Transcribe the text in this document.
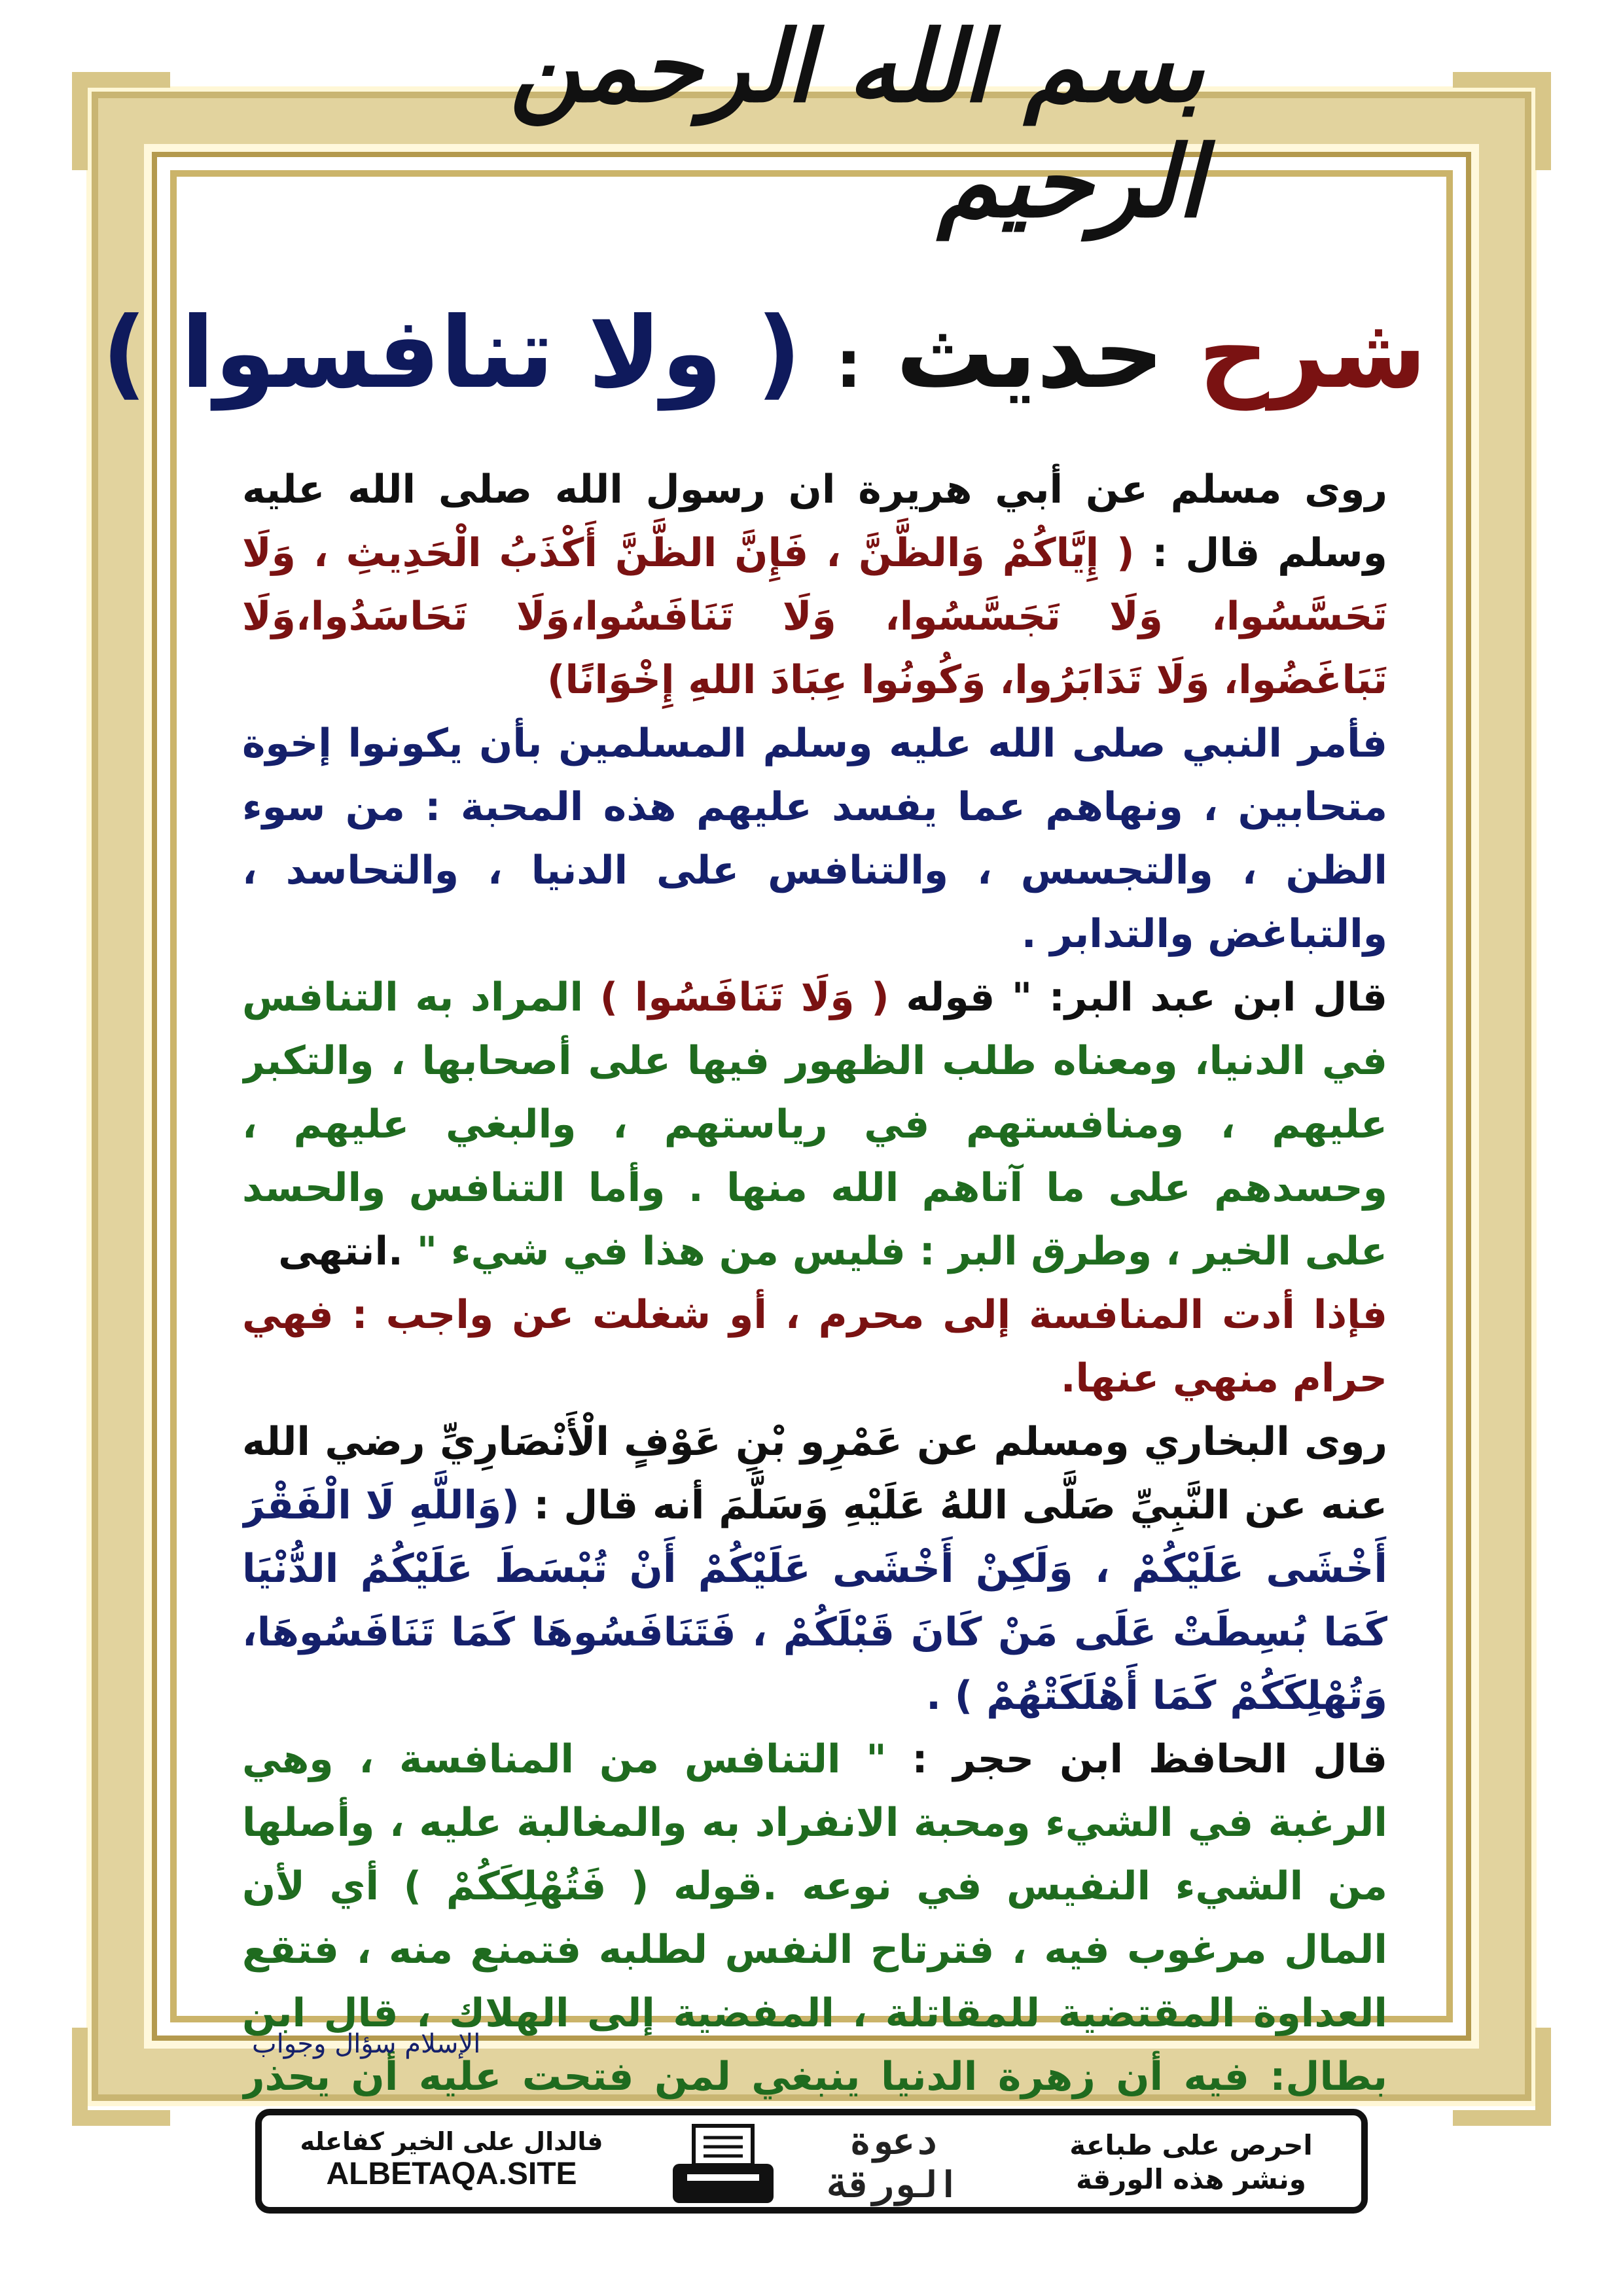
بسم الله الرحمن الرحيم
شرح حديث : ( ولا تنافسوا )

روى مسلم عن أبي هريرة ان رسول الله صلى الله عليه وسلم قال : ( إِيَّاكُمْ وَالظَّنَّ ، فَإِنَّ الظَّنَّ أَكْذَبُ الْحَدِيثِ ، وَلَا تَحَسَّسُوا، وَلَا تَجَسَّسُوا، وَلَا تَنَافَسُوا،وَلَا تَحَاسَدُوا،وَلَا تَبَاغَضُوا، وَلَا تَدَابَرُوا، وَكُونُوا عِبَادَ اللهِ إِخْوَانًا)

فأمر النبي صلى الله عليه وسلم المسلمين بأن يكونوا إخوة متحابين ، ونهاهم عما يفسد عليهم هذه المحبة : من سوء الظن ، والتجسس ، والتنافس على الدنيا ، والتحاسد ، والتباغض والتدابر .

قال ابن عبد البر: " قوله ( وَلَا تَنَافَسُوا ) المراد به التنافس في الدنيا، ومعناه طلب الظهور فيها على أصحابها ، والتكبر عليهم ، ومنافستهم في رياستهم ، والبغي عليهم ، وحسدهم على ما آتاهم الله منها . وأما التنافس والحسد على الخير ، وطرق البر : فليس من هذا في شيء " .انتهى

فإذا أدت المنافسة إلى محرم ، أو شغلت عن واجب : فهي حرام منهي عنها.

روى البخاري ومسلم عن عَمْرِو بْنِ عَوْفٍ الْأَنْصَارِيِّ رضي الله عنه عن النَّبِيِّ صَلَّى اللهُ عَلَيْهِ وَسَلَّمَ أنه قال : (وَاللَّهِ لَا الْفَقْرَ أَخْشَى عَلَيْكُمْ ، وَلَكِنْ أَخْشَى عَلَيْكُمْ أَنْ تُبْسَطَ عَلَيْكُمُ الدُّنْيَا كَمَا بُسِطَتْ عَلَى مَنْ كَانَ قَبْلَكُمْ ، فَتَنَافَسُوهَا كَمَا تَنَافَسُوهَا، وَتُهْلِكَكُمْ كَمَا أَهْلَكَتْهُمْ ) .

قال الحافظ ابن حجر : " التنافس من المنافسة ، وهي الرغبة في الشيء ومحبة الانفراد به والمغالبة عليه ، وأصلها من الشيء النفيس في نوعه .قوله ( فَتُهْلِكَكُمْ ) أي لأن المال مرغوب فيه ، فترتاح النفس لطلبه فتمنع منه ، فتقع العداوة المقتضية للمقاتلة ، المفضية إلى الهلاك ، قال ابن بطال: فيه أن زهرة الدنيا ينبغي لمن فتحت عليه أن يحذر

الإسلام سؤال وجواب
فالدال على الخير كفاعله
ALBETAQA.SITE
دعوة
الورقة
احرص على طباعة
ونشر هذه الورقة
